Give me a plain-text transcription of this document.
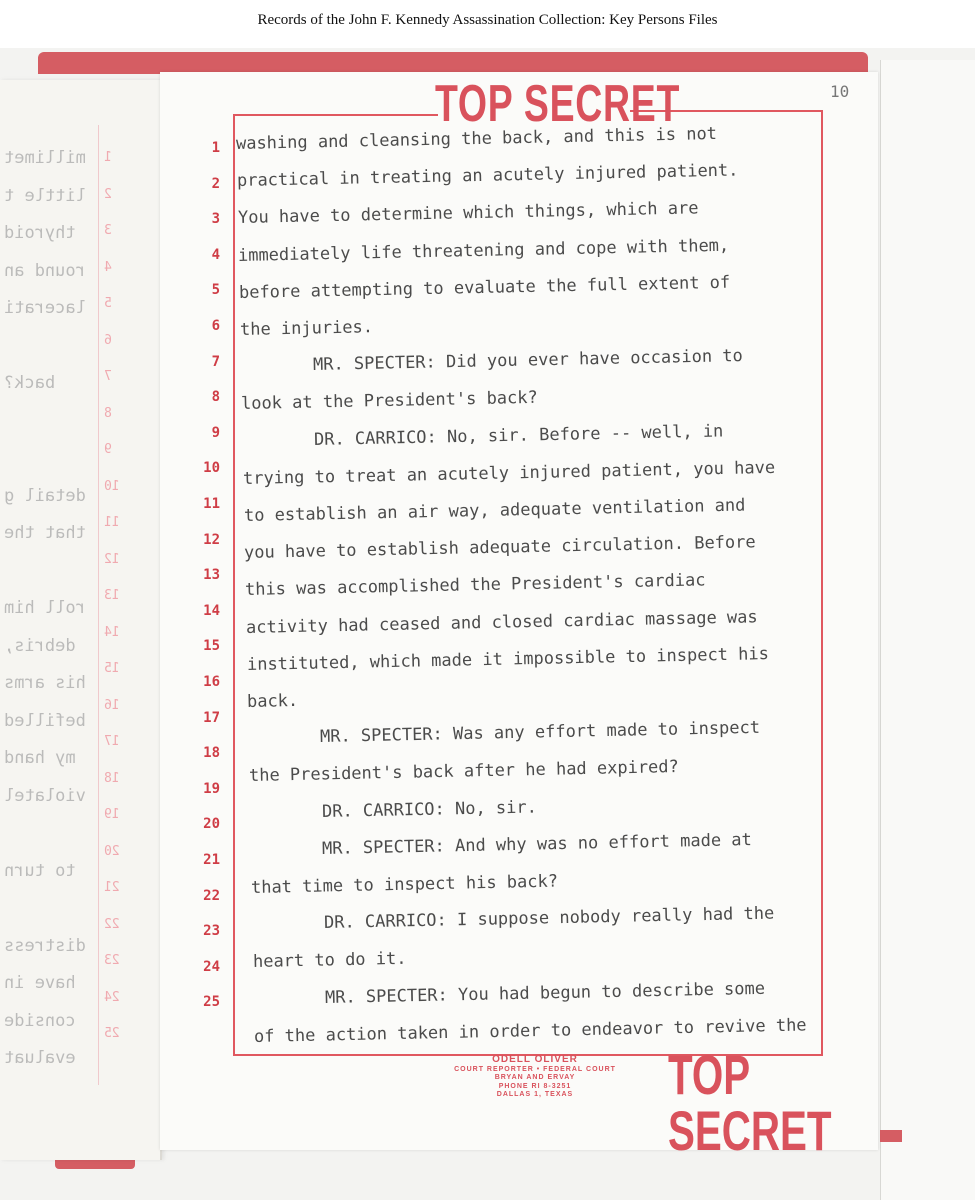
Records of the John F. Kennedy Assassination Collection: Key Persons Files
millimet
little t
thyroid
round an
lacerati
back?
detail g
that the
roll him
debris,
his arms
befilled
my hand
violatel
to turn
distress
have in
conside
evaluat
1
2
3
4
5
6
7
8
9
10
11
12
13
14
15
16
17
18
19
20
21
22
23
24
25
10
TOP SECRET
TOP SECRET
ODELL OLIVER
COURT REPORTER • FEDERAL COURT
BRYAN AND ERVAY
PHONE RI 8-3251
DALLAS 1, TEXAS
1
2
3
4
5
6
7
8
9
10
11
12
13
14
15
16
17
18
19
20
21
22
23
24
25
washing and cleansing the back, and this is not
practical in treating an acutely injured patient.
You have to determine which things, which are
immediately life threatening and cope with them,
before attempting to evaluate the full extent of
the injuries.
MR. SPECTER: Did you ever have occasion to
look at the President's back?
DR. CARRICO: No, sir. Before -- well, in
trying to treat an acutely injured patient, you have
to establish an air way, adequate ventilation and
you have to establish adequate circulation. Before
this was accomplished the President's cardiac
activity had ceased and closed cardiac massage was
instituted, which made it impossible to inspect his
back.
MR. SPECTER: Was any effort made to inspect
the President's back after he had expired?
DR. CARRICO: No, sir.
MR. SPECTER: And why was no effort made at
that time to inspect his back?
DR. CARRICO: I suppose nobody really had the
heart to do it.
MR. SPECTER: You had begun to describe some
of the action taken in order to endeavor to revive the
